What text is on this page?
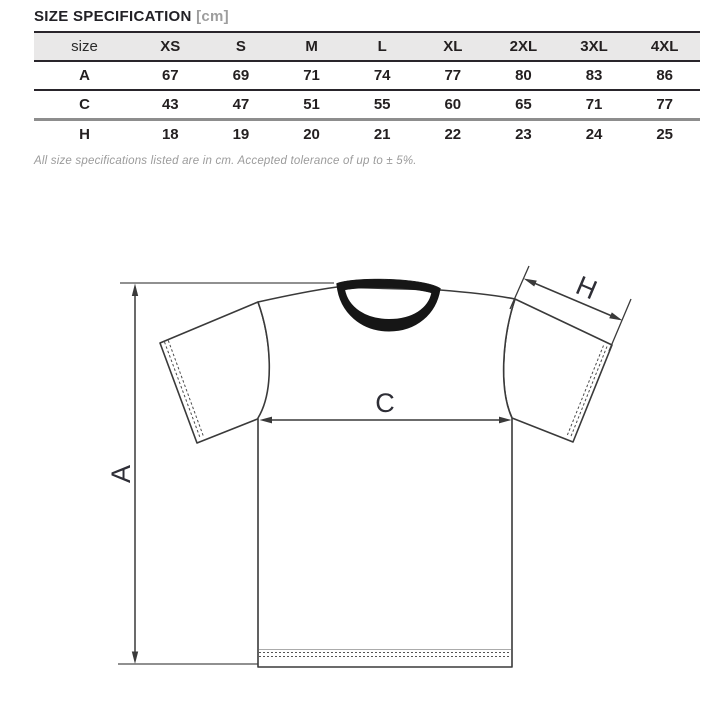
SIZE SPECIFICATION [cm]
size	XS	S	M	L	XL	2XL	3XL	4XL
A	67	69	71	74	77	80	83	86
C	43	47	51	55	60	65	71	77
H	18	19	20	21	22	23	24	25
All size specifications listed are in cm. Accepted tolerance of up to ± 5%.
A
C
H
